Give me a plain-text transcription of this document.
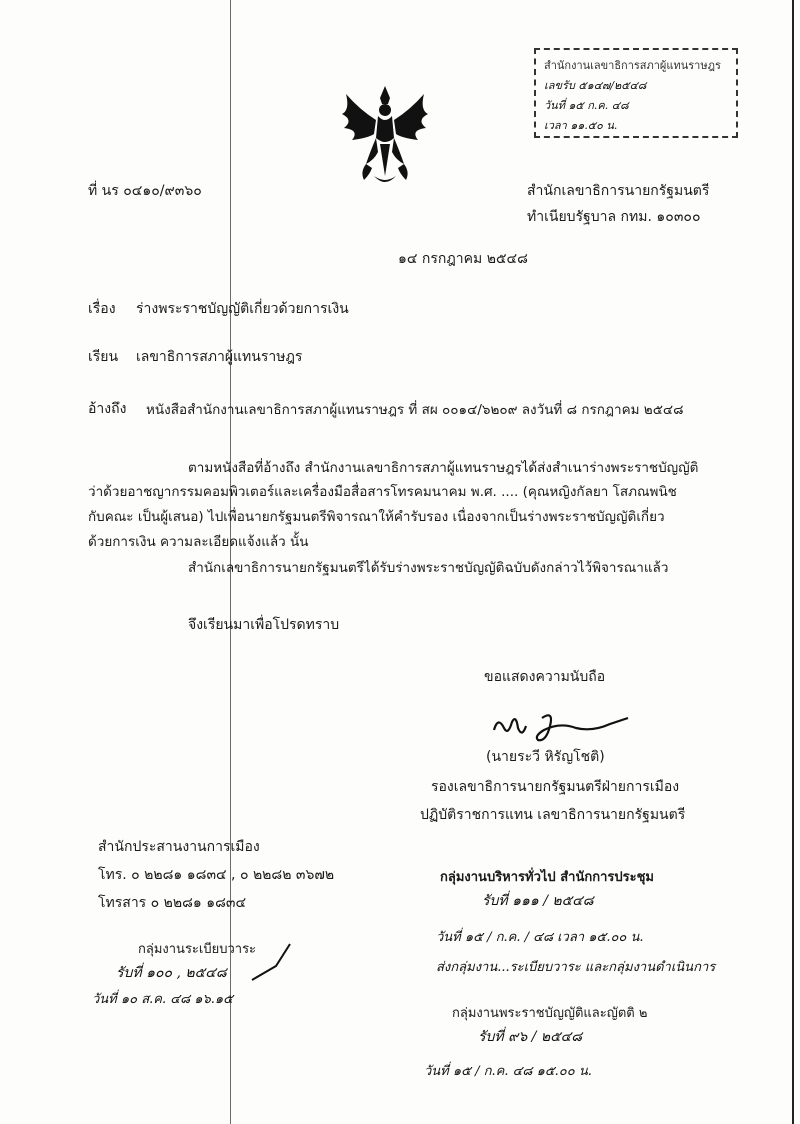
สำนักงานเลขาธิการสภาผู้แทนราษฎร
เลขรับ ๕๑๔๗/๒๕๔๘
วันที่ ๑๕ ก.ค. ๔๘
เวลา ๑๑.๕๐ น.
ที่ นร ๐๔๑๐/๙๓๖๐	สำนักเลขาธิการนายกรัฐมนตรี
ทำเนียบรัฐบาล กทม. ๑๐๓๐๐
๑๔ กรกฎาคม ๒๕๔๘
เรื่อง ร่างพระราชบัญญัติเกี่ยวด้วยการเงิน
เรียน เลขาธิการสภาผู้แทนราษฎร
อ้างถึง หนังสือสำนักงานเลขาธิการสภาผู้แทนราษฎร ที่ สผ ๐๐๑๔/๖๒๐๙ ลงวันที่ ๘ กรกฎาคม ๒๕๔๘
ตามหนังสือที่อ้างถึง สำนักงานเลขาธิการสภาผู้แทนราษฎรได้ส่งสำเนาร่างพระราชบัญญัติ
ว่าด้วยอาชญากรรมคอมพิวเตอร์และเครื่องมือสื่อสารโทรคมนาคม พ.ศ. .... (คุณหญิงกัลยา โสภณพนิช
กับคณะ เป็นผู้เสนอ) ไปเพื่อนายกรัฐมนตรีพิจารณาให้คำรับรอง เนื่องจากเป็นร่างพระราชบัญญัติเกี่ยว
ด้วยการเงิน ความละเอียดแจ้งแล้ว นั้น
สำนักเลขาธิการนายกรัฐมนตรีได้รับร่างพระราชบัญญัติฉบับดังกล่าวไว้พิจารณาแล้ว
จึงเรียนมาเพื่อโปรดทราบ
ขอแสดงความนับถือ
(นายระวี หิรัญโชติ)
รองเลขาธิการนายกรัฐมนตรีฝ่ายการเมือง
ปฏิบัติราชการแทน เลขาธิการนายกรัฐมนตรี
สำนักประสานงานการเมือง
โทร. ๐ ๒๒๘๑ ๑๘๓๔ , ๐ ๒๒๘๒ ๓๖๗๒
โทรสาร ๐ ๒๒๘๑ ๑๘๓๔
กลุ่มงานระเบียบวาระ
รับที่ ๑๐๐ , ๒๕๔๘
วันที่ ๑๐ ส.ค. ๔๘ ๑๖.๑๕
กลุ่มงานบริหารทั่วไป สำนักการประชุม
รับที่ ๑๑๑ / ๒๕๔๘
วันที่ ๑๕ / ก.ค. / ๔๘ เวลา ๑๕.๐๐ น.
ส่งกลุ่มงาน...ระเบียบวาระ และกลุ่มงานดำเนินการ
กลุ่มงานพระราชบัญญัติและญัตติ ๒
รับที่ ๙๖ / ๒๕๔๘
วันที่ ๑๕ / ก.ค. ๔๘ ๑๕.๐๐ น.
